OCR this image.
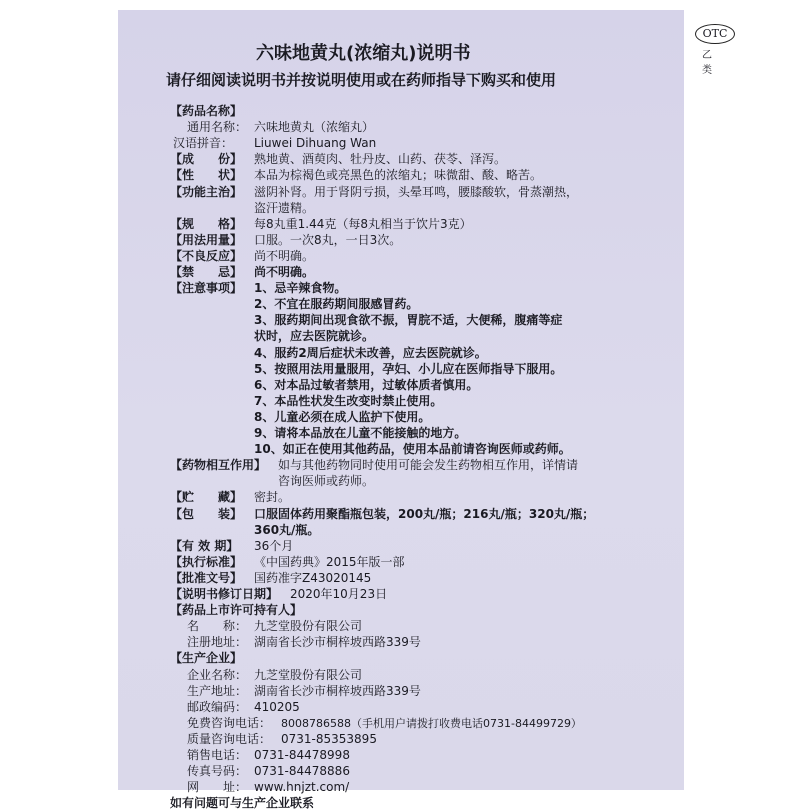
六味地黄丸(浓缩丸)说明书
OTC
乙类
请仔细阅读说明书并按说明使用或在药师指导下购买和使用
【药品名称】
通用名称： 六味地黄丸（浓缩丸）
汉语拼音： Liuwei Dihuang Wan
【成　　份】 熟地黄、酒萸肉、牡丹皮、山药、茯苓、泽泻。
【性　　状】 本品为棕褐色或亮黑色的浓缩丸；味微甜、酸、略苦。
【功能主治】 滋阴补肾。用于肾阴亏损，头晕耳鸣，腰膝酸软，骨蒸潮热，
盗汗遗精。
【规　　格】 每8丸重1.44克（每8丸相当于饮片3克）
【用法用量】 口服。一次8丸，一日3次。
【不良反应】 尚不明确。
【禁　　忌】 尚不明确。
【注意事项】 1、忌辛辣食物。
2、不宜在服药期间服感冒药。
3、服药期间出现食欲不振，胃脘不适，大便稀，腹痛等症
状时，应去医院就诊。
4、服药2周后症状未改善，应去医院就诊。
5、按照用法用量服用，孕妇、小儿应在医师指导下服用。
6、对本品过敏者禁用，过敏体质者慎用。
7、本品性状发生改变时禁止使用。
8、儿童必须在成人监护下使用。
9、请将本品放在儿童不能接触的地方。
10、如正在使用其他药品，使用本品前请咨询医师或药师。
【药物相互作用】 如与其他药物同时使用可能会发生药物相互作用，详情请
咨询医师或药师。
【贮　　藏】 密封。
【包　　装】 口服固体药用聚酯瓶包装，200丸/瓶；216丸/瓶；320丸/瓶；
360丸/瓶。
【有 效 期】 36个月
【执行标准】 《中国药典》2015年版一部
【批准文号】 国药准字Z43020145
【说明书修订日期】 2020年10月23日
【药品上市许可持有人】
名　　称： 九芝堂股份有限公司
注册地址： 湖南省长沙市桐梓坡西路339号
【生产企业】
企业名称： 九芝堂股份有限公司
生产地址： 湖南省长沙市桐梓坡西路339号
邮政编码： 410205
免费咨询电话： 8008786588（手机用户请拨打收费电话0731-84499729）
质量咨询电话： 0731-85353895
销售电话： 0731-84478998
传真号码： 0731-84478886
网　　址： www.hnjzt.com/
如有问题可与生产企业联系
